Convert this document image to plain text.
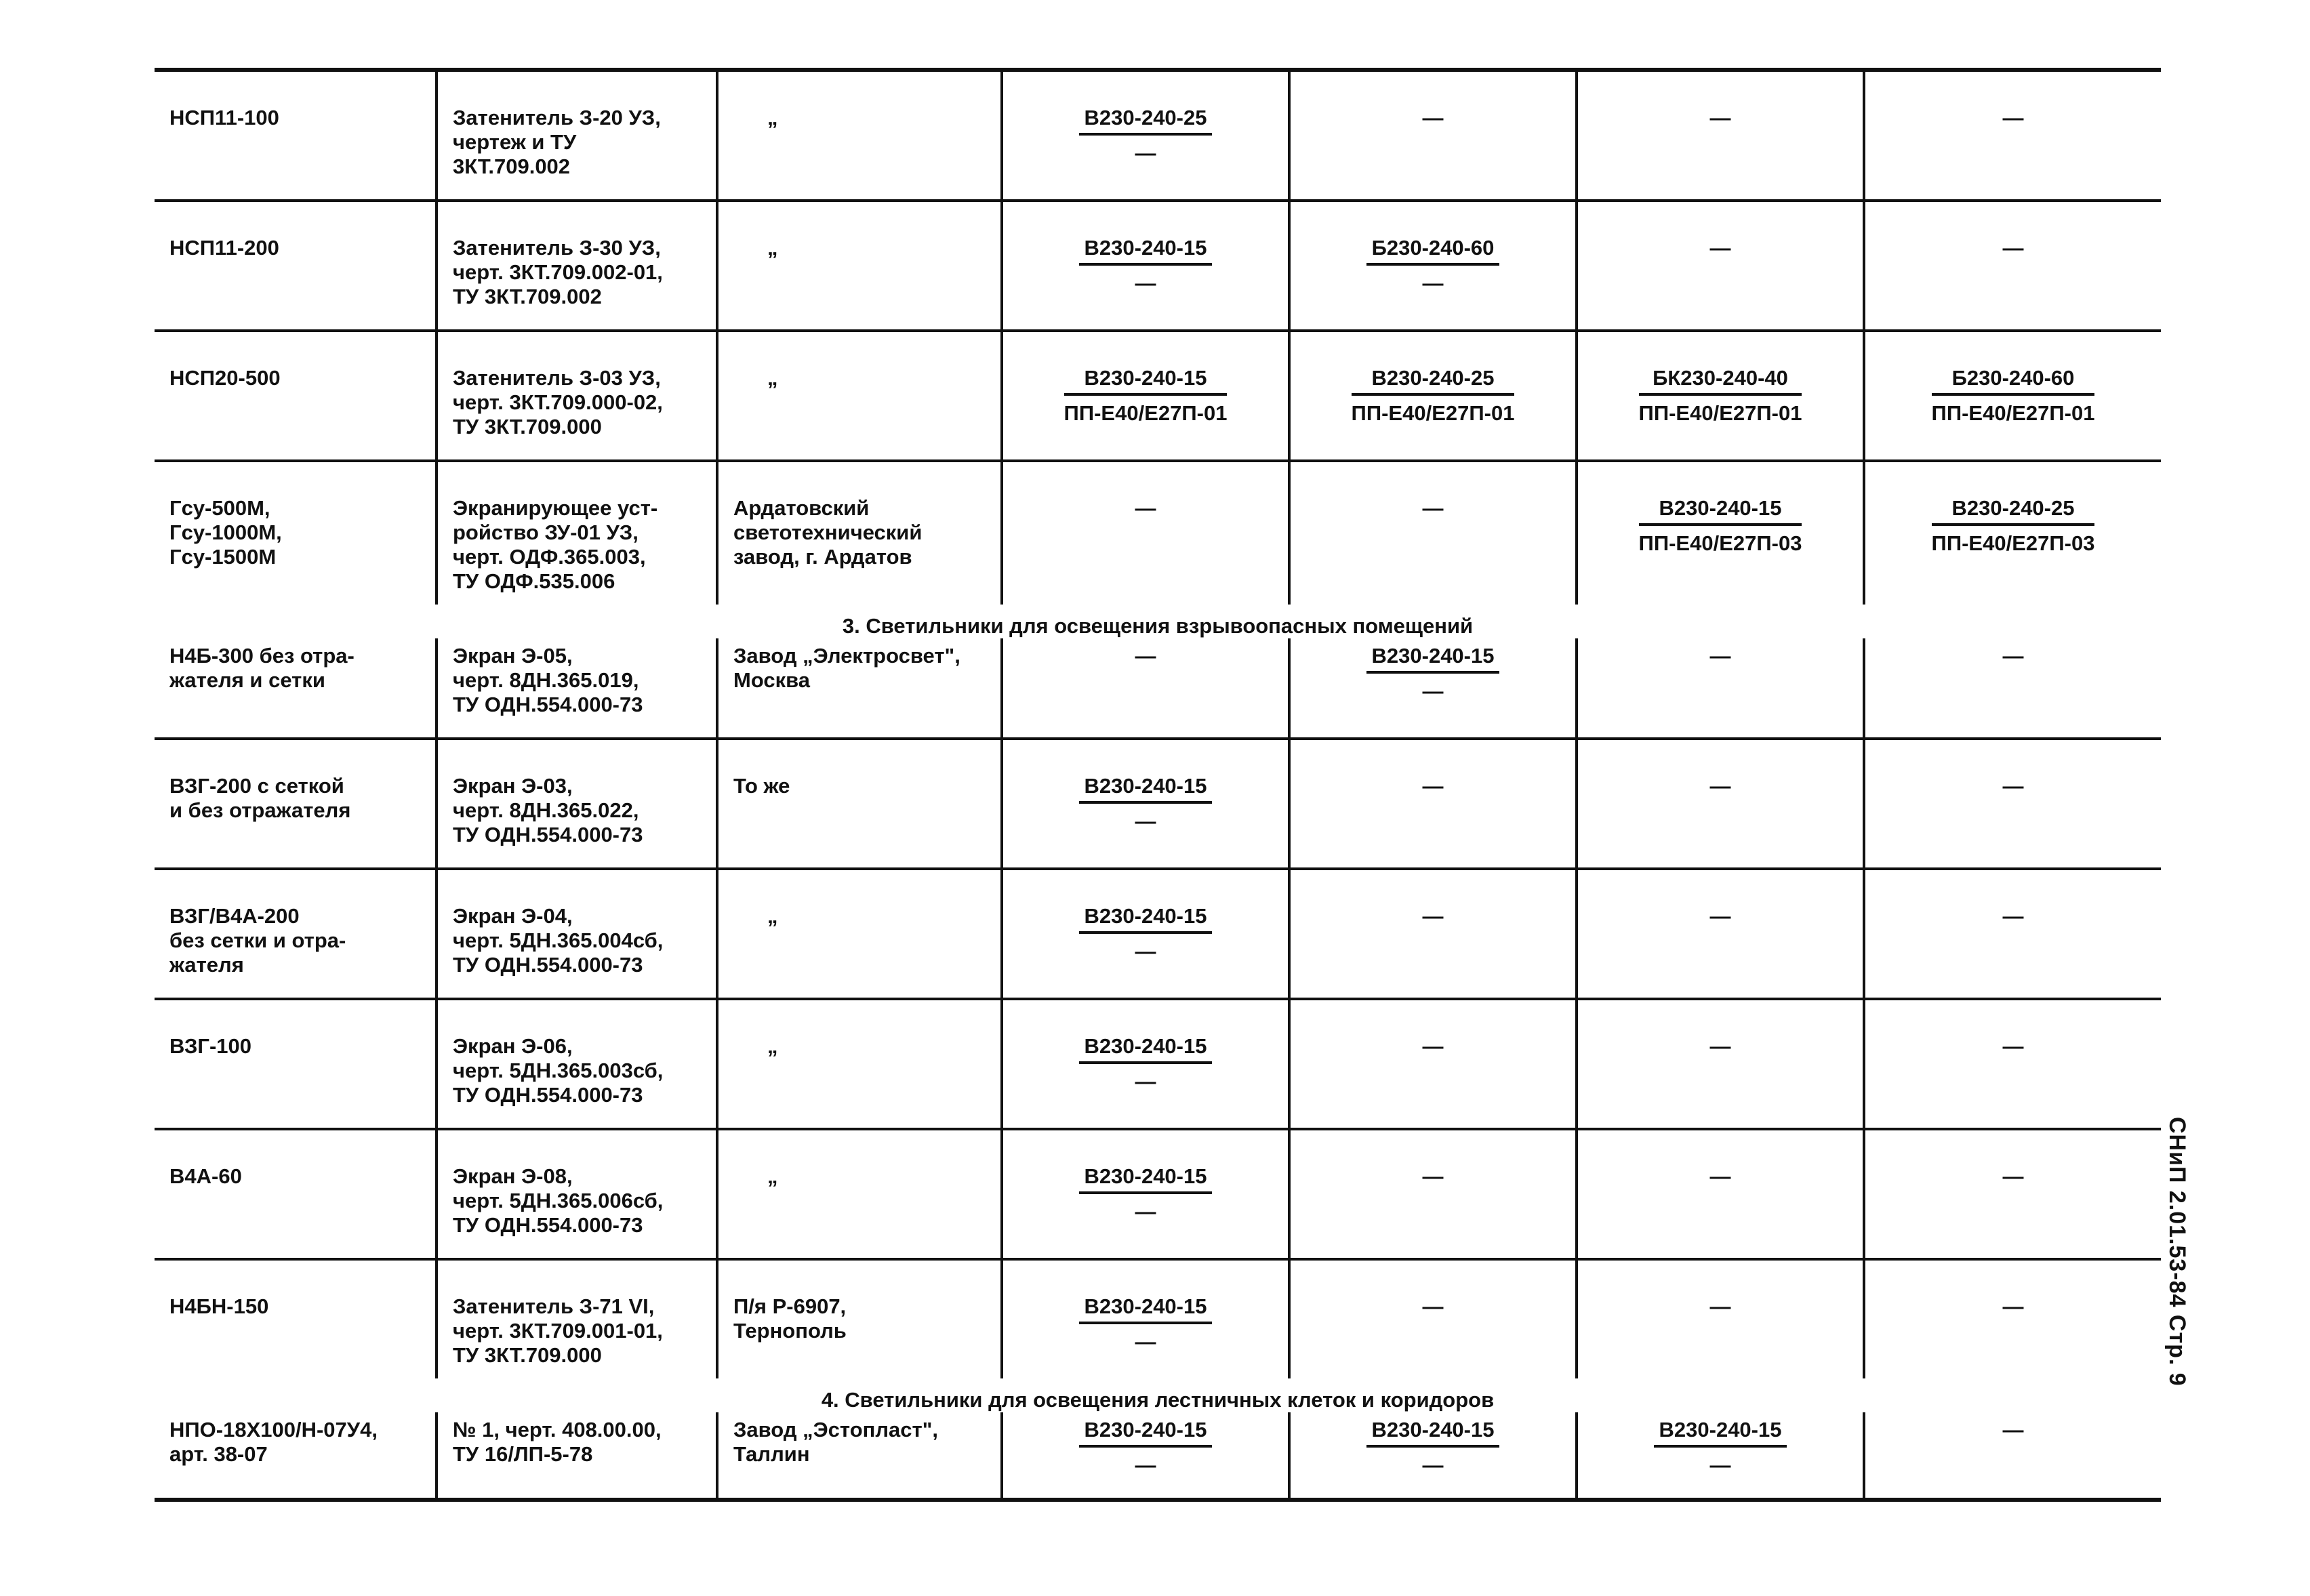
НСП11-100	Затенитель З-20 УЗ,
чертеж и ТУ
3КТ.709.002	„	$\frac{В230-240-25}{—}$	—	—	—

НСП11-200	Затенитель З-30 УЗ,
черт. 3КТ.709.002-01,
ТУ 3КТ.709.002	„	$\frac{В230-240-15}{—}$	$\frac{Б230-240-60}{—}$	—	—

НСП20-500	Затенитель З-03 УЗ,
черт. 3КТ.709.000-02,
ТУ 3КТ.709.000	„	$\frac{В230-240-15}{ПП-Е40/Е27П-01}$	$\frac{В230-240-25}{ПП-Е40/Е27П-01}$	$\frac{БК230-240-40}{ПП-Е40/Е27П-01}$	$\frac{Б230-240-60}{ПП-Е40/Е27П-01}$

Гсу-500М,
Гсу-1000М,
Гсу-1500М	Экранирующее уст-
ройство ЗУ-01 УЗ,
черт. ОДФ.365.003,
ТУ ОДФ.535.006	Ардатовский
светотехнический
завод, г. Ардатов	—	—	$\frac{В230-240-15}{ПП-Е40/Е27П-03}$	$\frac{В230-240-25}{ПП-Е40/Е27П-03}$

3. Светильники для освещения взрывоопасных помещений						
Н4Б-300 без отра-
жателя и сетки	Экран Э-05,
черт. 8ДН.365.019,
ТУ ОДН.554.000-73	Завод „Электросвет",
Москва	—	$\frac{В230-240-15}{—}$	—	—

ВЗГ-200 с сеткой
и без отражателя	Экран Э-03,
черт. 8ДН.365.022,
ТУ ОДН.554.000-73	То же	$\frac{В230-240-15}{—}$	—	—	—

ВЗГ/В4А-200
без сетки и отра-
жателя	Экран Э-04,
черт. 5ДН.365.004сб,
ТУ ОДН.554.000-73	„	$\frac{В230-240-15}{—}$	—	—	—

ВЗГ-100	Экран Э-06,
черт. 5ДН.365.003сб,
ТУ ОДН.554.000-73	„	$\frac{В230-240-15}{—}$	—	—	—

В4А-60	Экран Э-08,
черт. 5ДН.365.006сб,
ТУ ОДН.554.000-73	„	$\frac{В230-240-15}{—}$	—	—	—

Н4БН-150	Затенитель З-71 VI,
черт. 3КТ.709.001-01,
ТУ 3КТ.709.000	П/я Р-6907,
Тернополь	$\frac{В230-240-15}{—}$	—	—	—

4. Светильники для освещения лестничных клеток и коридоров						
НПО-18Х100/Н-07У4,
арт. 38-07	№ 1, черт. 408.00.00,
ТУ 16/ЛП-5-78	Завод „Эстопласт",
Таллин	$\frac{В230-240-15}{—}$	$\frac{В230-240-15}{—}$	$\frac{В230-240-15}{—}$	—
СНиП 2.01.53-84 Стр. 9
